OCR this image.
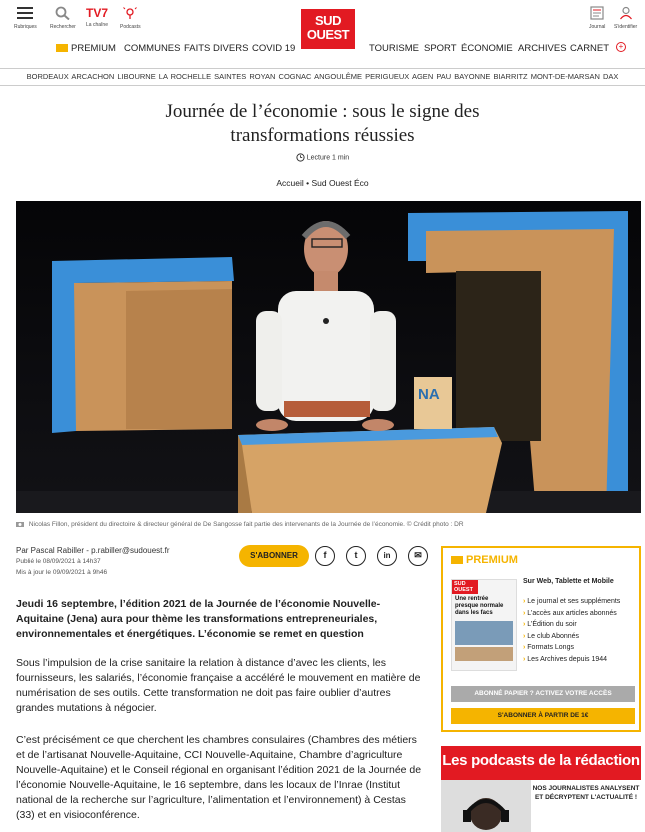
Rubriques	Rechercher
TV7
La chaîne Podcasts	SUD
OUEST	Journal S'identifier
PREMIUM COMMUNES FAITS DIVERS COVID 19	TOURISME SPORT ÉCONOMIE ARCHIVES CARNET	+
BORDEAUX ARCACHON LIBOURNE LA ROCHELLE SAINTES ROYAN COGNAC ANGOULÊME PERIGUEUX AGEN PAU BAYONNE BIARRITZ MONT-DE-MARSAN DAX
Journée de l’économie : sous le signe des transformations réussies
Lecture 1 min
Accueil • Sud Ouest Éco
NA
Nicolas Fillon, président du directoire & directeur général de De Sangosse fait partie des intervenants de la Journée de l’économie. © Crédit photo : DR
Par Pascal Rabiller - p.rabiller@sudouest.fr
Publié le 08/09/2021 à 14h37
Mis à jour le 09/09/2021 à 9h46
S'ABONNER	f	t	in	✉

Jeudi 16 septembre, l’édition 2021 de la Journée de l’économie Nouvelle-Aquitaine (Jena) aura pour thème les transformations entrepreneuriales, environnementales et énergétiques. L’économie se remet en question

Sous l’impulsion de la crise sanitaire la relation à distance d’avec les clients, les fournisseurs, les salariés, l’économie française a accéléré le mouvement en matière de numérisation de ses outils. Cette transformation ne doit pas faire oublier d’autres grandes mutations à négocier.

C’est précisément ce que cherchent les chambres consulaires (Chambres des métiers et de l’artisanat Nouvelle-Aquitaine, CCI Nouvelle-Aquitaine, Chambre d’agriculture Nouvelle-Aquitaine) et le Conseil régional en organisant l’édition 2021 de la Journée de l’économie Nouvelle-Aquitaine, le 16 septembre, dans les locaux de l’Inrae (Institut national de la recherche sur l’agriculture, l’alimentation et l’environnement) à Cestas (33) et en visioconférence.

PREMIUM
SUD OUEST
Une rentrée presque normale dans les facs
Sur Web, Tablette et Mobile
› Le journal et ses suppléments
› L’accès aux articles abonnés
› L’Édition du soir
› Le club Abonnés
› Formats Longs
› Les Archives depuis 1944
ABONNÉ PAPIER ? ACTIVEZ VOTRE ACCÈS
S'ABONNER À PARTIR DE 1€
Les podcasts de la rédaction
NOS JOURNALISTES ANALYSENT ET DÉCRYPTENT L'ACTUALITÉ !
